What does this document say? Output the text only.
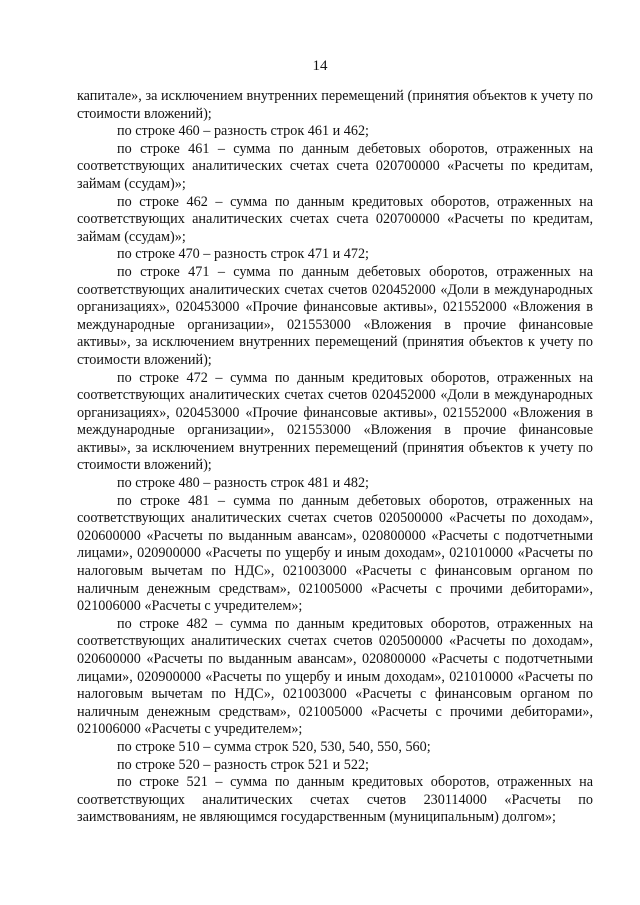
14

капитале», за исключением внутренних перемещений (принятия объектов к учету по стоимости вложений);

по строке 460 – разность строк 461 и 462;

по строке 461 – сумма по данным дебетовых оборотов, отраженных на соответствующих аналитических счетах счета 020700000 «Расчеты по кредитам, займам (ссудам)»;

по строке 462 – сумма по данным кредитовых оборотов, отраженных на соответствующих аналитических счетах счета 020700000 «Расчеты по кредитам, займам (ссудам)»;

по строке 470 – разность строк 471 и 472;

по строке 471 – сумма по данным дебетовых оборотов, отраженных на соответствующих аналитических счетах счетов 020452000 «Доли в международных организациях», 020453000 «Прочие финансовые активы», 021552000 «Вложения в международные организации», 021553000 «Вложения в прочие финансовые активы», за исключением внутренних перемещений (принятия объектов к учету по стоимости вложений);

по строке 472 – сумма по данным кредитовых оборотов, отраженных на соответствующих аналитических счетах счетов 020452000 «Доли в международных организациях», 020453000 «Прочие финансовые активы», 021552000 «Вложения в международные организации», 021553000 «Вложения в прочие финансовые активы», за исключением внутренних перемещений (принятия объектов к учету по стоимости вложений);

по строке 480 – разность строк 481 и 482;

по строке 481 – сумма по данным дебетовых оборотов, отраженных на соответствующих аналитических счетах счетов 020500000 «Расчеты по доходам», 020600000 «Расчеты по выданным авансам», 020800000 «Расчеты с подотчетными лицами», 020900000 «Расчеты по ущербу и иным доходам», 021010000 «Расчеты по налоговым вычетам по НДС», 021003000 «Расчеты с финансовым органом по наличным денежным средствам», 021005000 «Расчеты с прочими дебиторами», 021006000 «Расчеты с учредителем»;

по строке 482 – сумма по данным кредитовых оборотов, отраженных на соответствующих аналитических счетах счетов 020500000 «Расчеты по доходам», 020600000 «Расчеты по выданным авансам», 020800000 «Расчеты с подотчетными лицами», 020900000 «Расчеты по ущербу и иным доходам», 021010000 «Расчеты по налоговым вычетам по НДС», 021003000 «Расчеты с финансовым органом по наличным денежным средствам», 021005000 «Расчеты с прочими дебиторами», 021006000 «Расчеты с учредителем»;

по строке 510 – сумма строк 520, 530, 540, 550, 560;

по строке 520 – разность строк 521 и 522;

по строке 521 – сумма по данным кредитовых оборотов, отраженных на соответствующих аналитических счетах счетов 230114000 «Расчеты по заимствованиям, не являющимся государственным (муниципальным) долгом»;
